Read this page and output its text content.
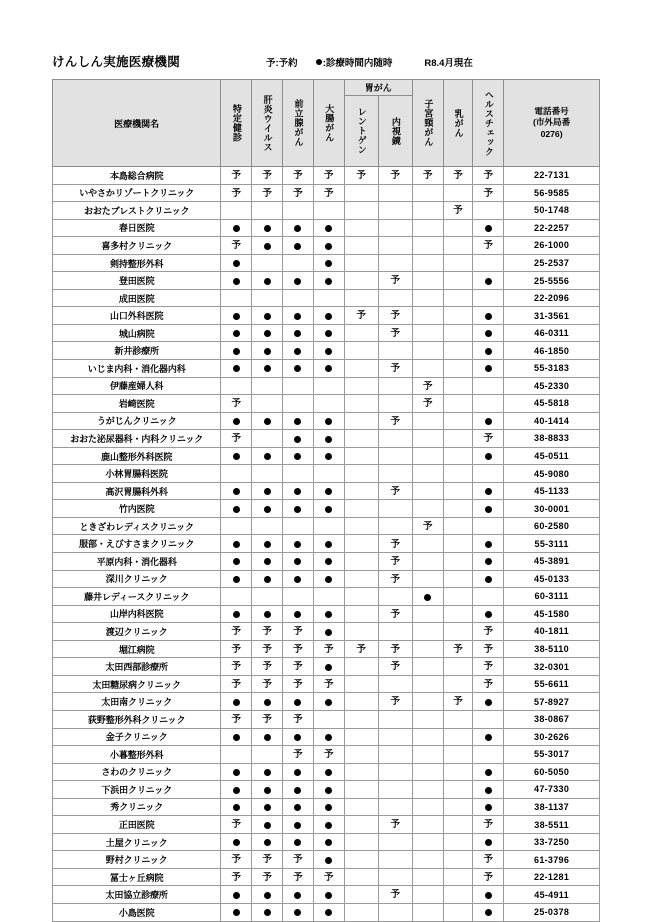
けんしん実施医療機関	予:予約	:診療時間内随時	R8.4月現在
医療機関名	特定健診	肝炎ウイルス	前立腺がん	大腸がん	胃がん		子宮頸がん	乳がん	ヘルスチェック	電話番号
(市外局番
0276)

					レントゲン	内視鏡				

本島総合病院	予	予	予	予	予	予	予	予	予	22-7131
いやさかリゾートクリニック	予	予	予	予					予	56-9585
おおたブレストクリニック								予		50-1748
春日医院										22-2257
喜多村クリニック	予								予	26-1000
剣持整形外科										25-2537
登田医院						予				25-5556
成田医院										22-2096
山口外科医院					予	予				31-3561
城山病院						予				46-0311
新井診療所										46-1850
いじま内科・消化器内科						予				55-3183
伊藤産婦人科							予			45-2330
岩崎医院	予						予			45-5818
うがじんクリニック						予				40-1414
おおた泌尿器科・内科クリニック	予								予	38-8833
鹿山整形外科医院										45-0511
小林胃腸科医院										45-9080
高沢胃腸科外科						予				45-1133
竹内医院										30-0001
ときざわレディスクリニック							予			60-2580
服部・えびすさまクリニック						予				55-3111
平原内科・消化器科						予				45-3891
深川クリニック						予				45-0133
藤井レディースクリニック										60-3111
山岸内科医院						予				45-1580
渡辺クリニック	予	予	予						予	40-1811
堀江病院	予	予	予	予	予	予		予	予	38-5110
太田西部診療所	予	予	予			予			予	32-0301
太田糖尿病クリニック	予	予	予	予					予	55-6611
太田南クリニック						予		予		57-8927
荻野整形外科クリニック	予	予	予							38-0867
金子クリニック										30-2626
小暮整形外科			予	予						55-3017
さわのクリニック										60-5050
下浜田クリニック										47-7330
秀クリニック										38-1137
正田医院	予					予			予	38-5511
土屋クリニック										33-7250
野村クリニック	予	予	予						予	61-3796
冨士ヶ丘病院	予	予	予	予					予	22-1281
太田協立診療所						予				45-4911
小島医院										25-0378
